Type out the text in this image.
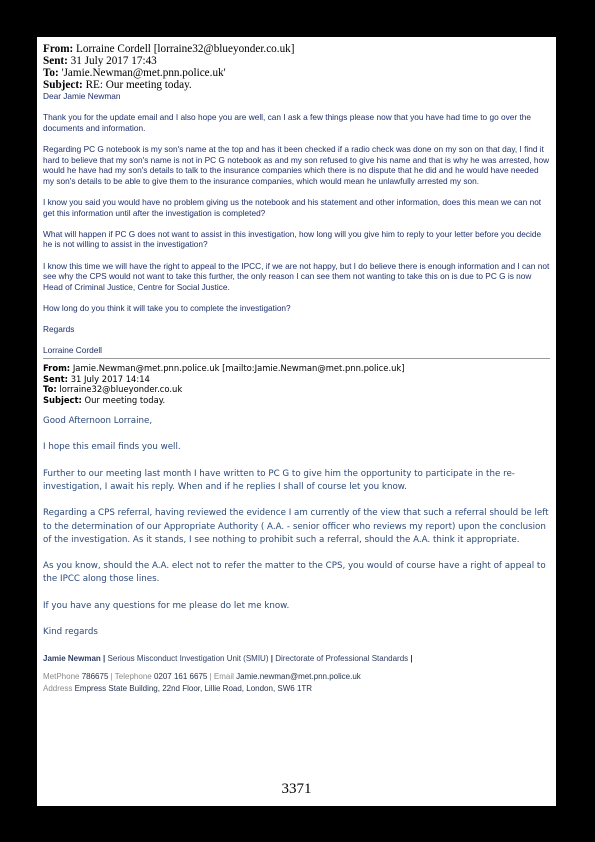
From: Lorraine Cordell [lorraine32@blueyonder.co.uk]
Sent: 31 July 2017 17:43
To: 'Jamie.Newman@met.pnn.police.uk'
Subject: RE: Our meeting today.

Dear Jamie Newman

Thank you for the update email and I also hope you are well, can I ask a few things please now that you have had time to go over the documents and information.

Regarding PC G notebook is my son's name at the top and has it been checked if a radio check was done on my son on that day, I find it hard to believe that my son's name is not in PC G notebook as and my son refused to give his name and that is why he was arrested, how would he have had my son's details to talk to the insurance companies which there is no dispute that he did and he would have needed my son's details to be able to give them to the insurance companies, which would mean he unlawfully arrested my son.

I know you said you would have no problem giving us the notebook and his statement and other information, does this mean we can not get this information until after the investigation is completed?

What will happen if PC G does not want to assist in this investigation, how long will you give him to reply to your letter before you decide he is not willing to assist in the investigation?

I know this time we will have the right to appeal to the IPCC, if we are not happy, but I do believe there is enough information and I can not see why the CPS would not want to take this further, the only reason I can see them not wanting to take this on is due to PC G is now Head of Criminal Justice, Centre for Social Justice.

How long do you think it will take you to complete the investigation?

Regards

Lorraine Cordell

From: Jamie.Newman@met.pnn.police.uk [mailto:Jamie.Newman@met.pnn.police.uk]
Sent: 31 July 2017 14:14
To: lorraine32@blueyonder.co.uk
Subject: Our meeting today.

Good Afternoon Lorraine,

I hope this email finds you well.

Further to our meeting last month I have written to PC G to give him the opportunity to participate in the re-investigation, I await his reply. When and if he replies I shall of course let you know.

Regarding a CPS referral, having reviewed the evidence I am currently of the view that such a referral should be left to the determination of our Appropriate Authority ( A.A. - senior officer who reviews my report) upon the conclusion of the investigation. As it stands, I see nothing to prohibit such a referral, should the A.A. think it appropriate.

As you know, should the A.A. elect not to refer the matter to the CPS, you would of course have a right of appeal to the IPCC along those lines.

If you have any questions for me please do let me know.

Kind regards

Jamie Newman | Serious Misconduct Investigation Unit (SMIU) | Directorate of Professional Standards |
MetPhone 786675 | Telephone 0207 161 6675 | Email Jamie.newman@met.pnn.police.uk
Address Empress State Building, 22nd Floor, Lillie Road, London, SW6 1TR
3371
